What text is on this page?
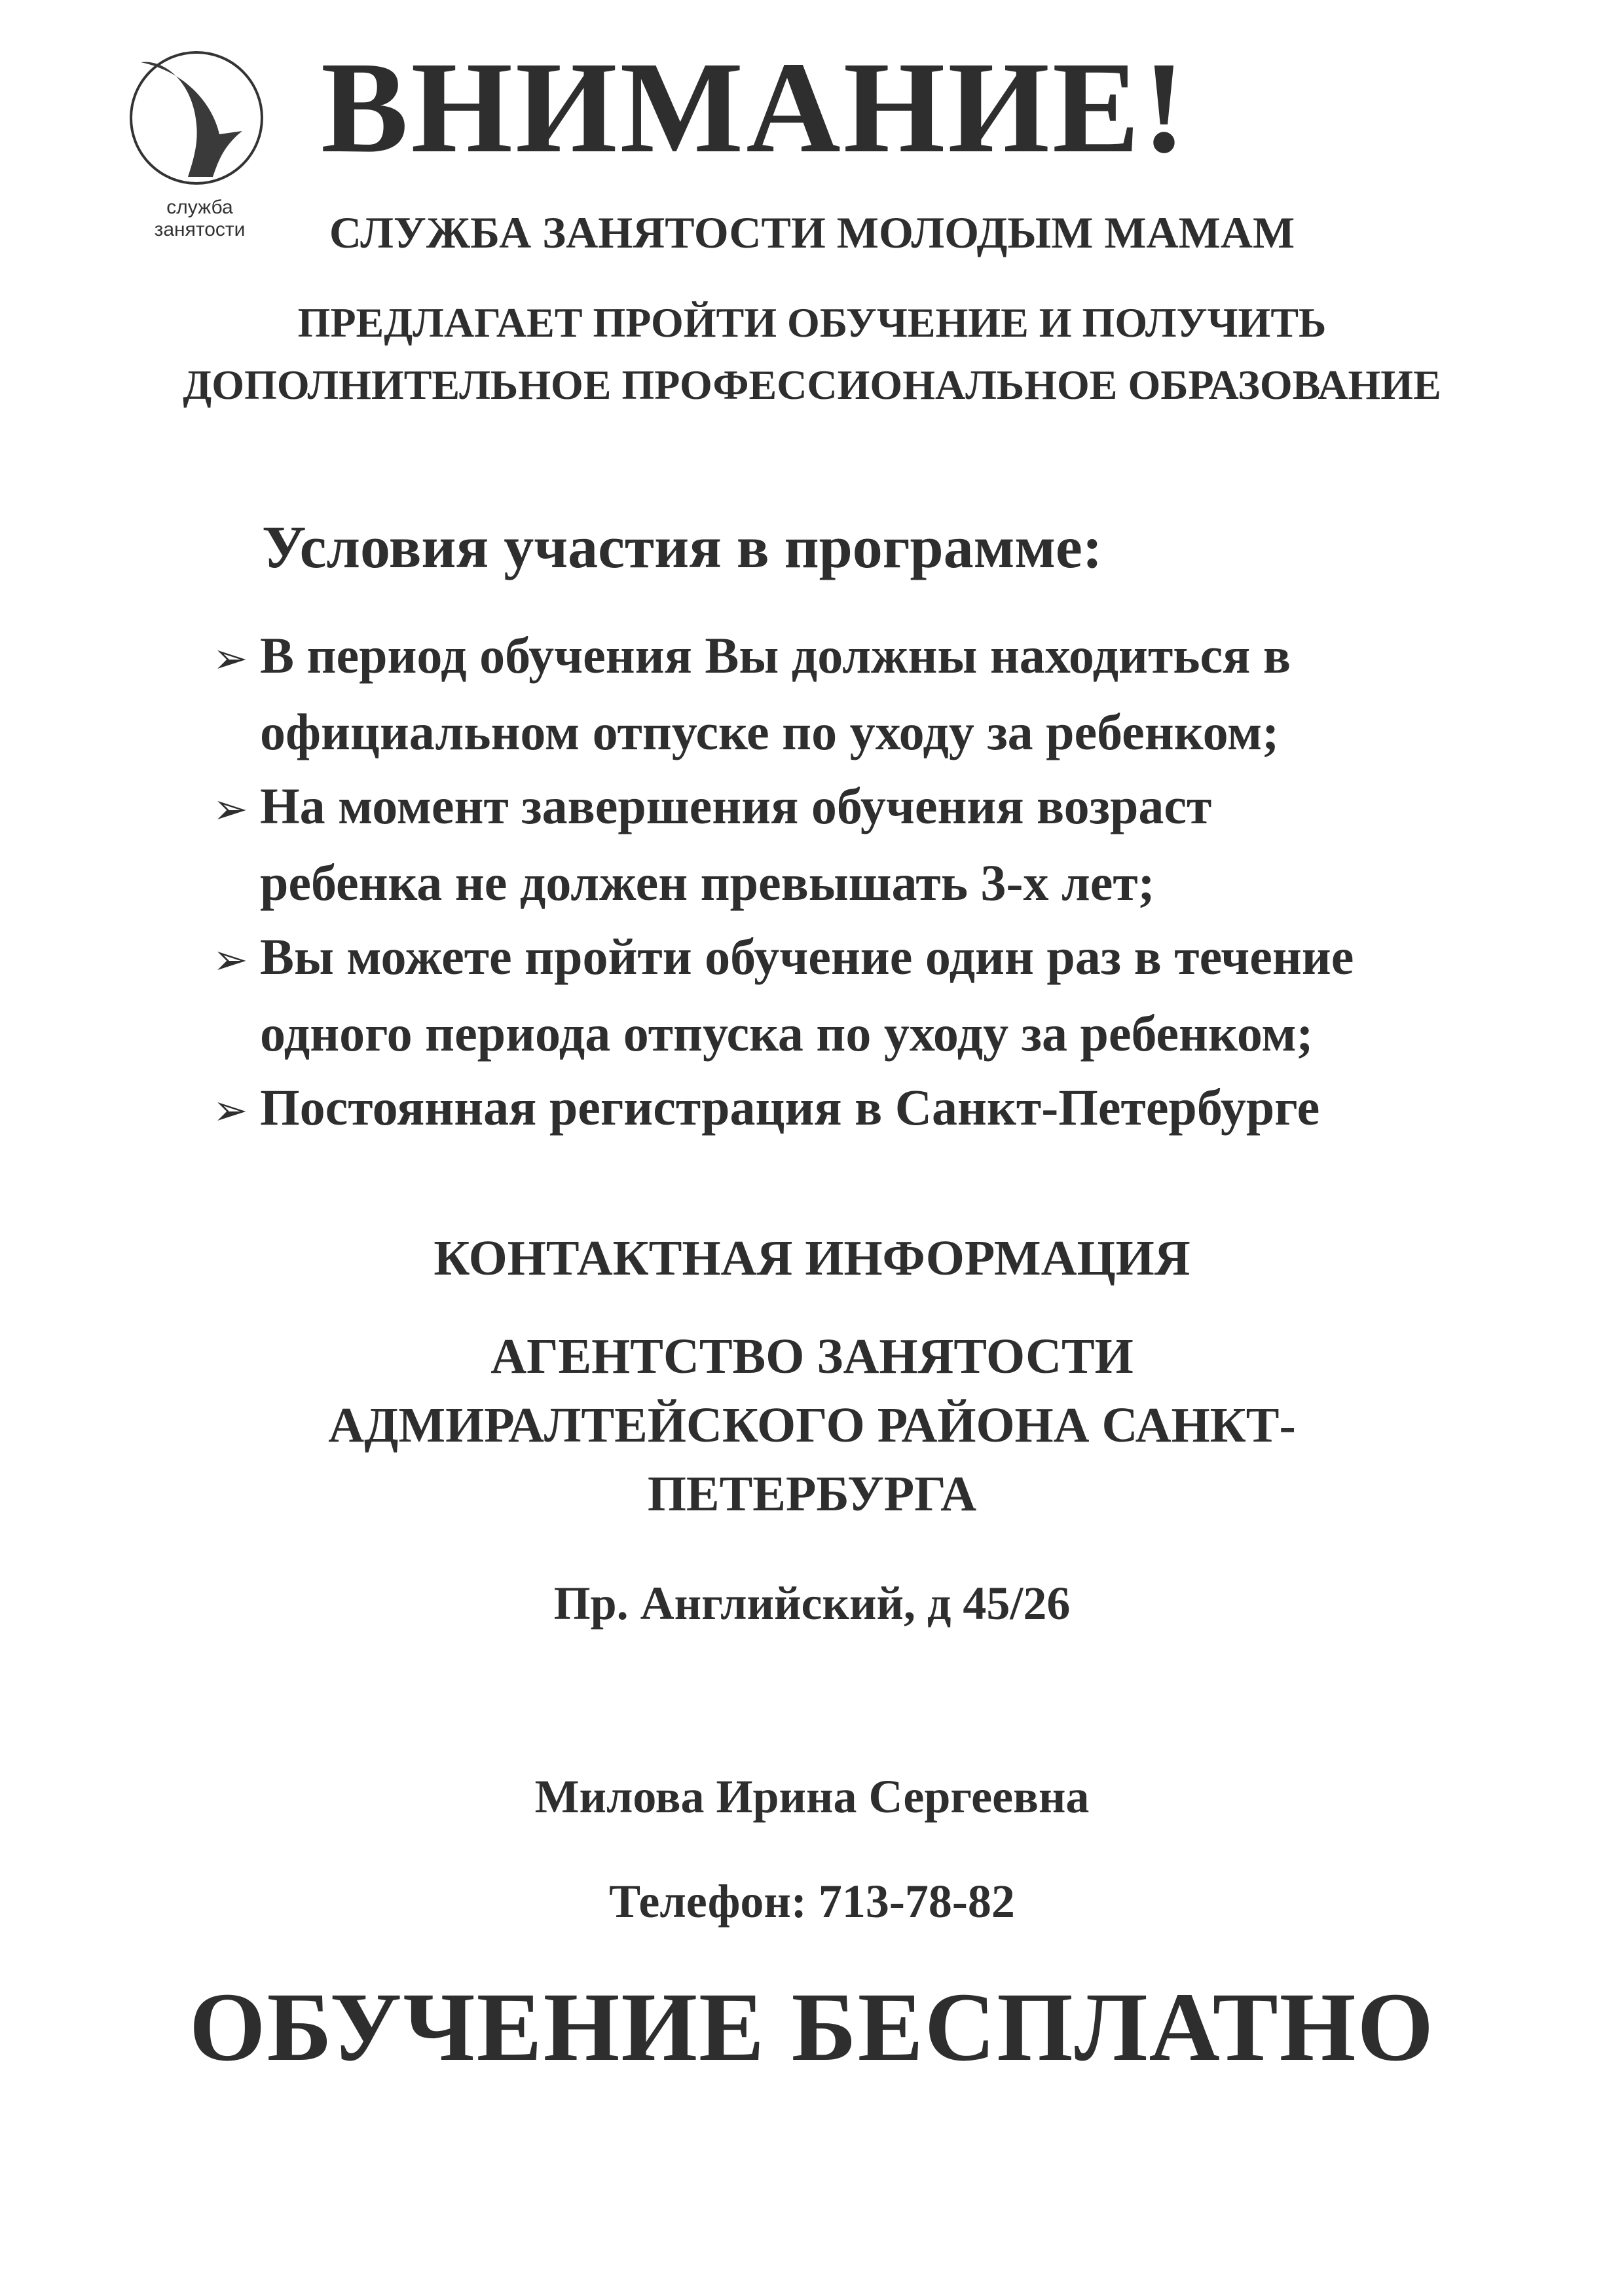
служба
занятости
ВНИМАНИЕ!
СЛУЖБА ЗАНЯТОСТИ МОЛОДЫМ МАМАМ
ПРЕДЛАГАЕТ ПРОЙТИ ОБУЧЕНИЕ И ПОЛУЧИТЬ
ДОПОЛНИТЕЛЬНОЕ ПРОФЕССИОНАЛЬНОЕ ОБРАЗОВАНИЕ
Условия участия в программе:
➢ В период обучения Вы должны находиться в
официальном отпуске по уходу за ребенком;
➢ На момент завершения обучения возраст
ребенка не должен превышать 3-х лет;
➢ Вы можете пройти обучение один раз в течение
одного периода отпуска по уходу за ребенком;
➢ Постоянная регистрация в Санкт-Петербурге
КОНТАКТНАЯ ИНФОРМАЦИЯ
АГЕНТСТВО ЗАНЯТОСТИ
АДМИРАЛТЕЙСКОГО РАЙОНА САНКТ-
ПЕТЕРБУРГА
Пр. Английский, д 45/26
Милова Ирина Сергеевна
Телефон: 713-78-82
ОБУЧЕНИЕ БЕСПЛАТНО
